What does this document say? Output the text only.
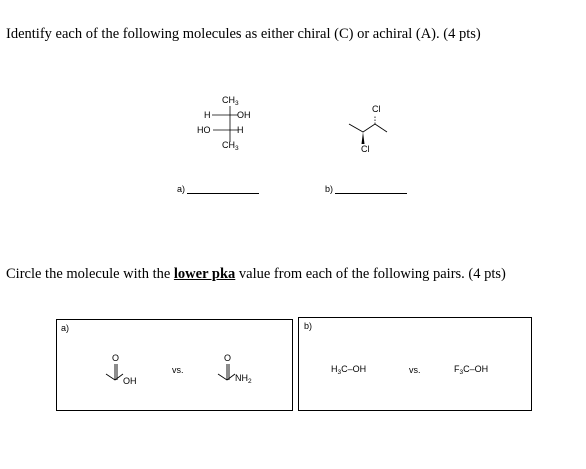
Identify each of the following molecules as either chiral (C) or achiral (A). (4 pts)
$CH_3$
H	OH
HO	H
$CH_3$
Cl
Cl
a)	b)
Circle the molecule with the lower pka value from each of the following pairs. (4 pts)
a)
O
OH
vs.
O
$NH_2$
b)
$H_3C-OH$	vs.	$F_3C-OH$
